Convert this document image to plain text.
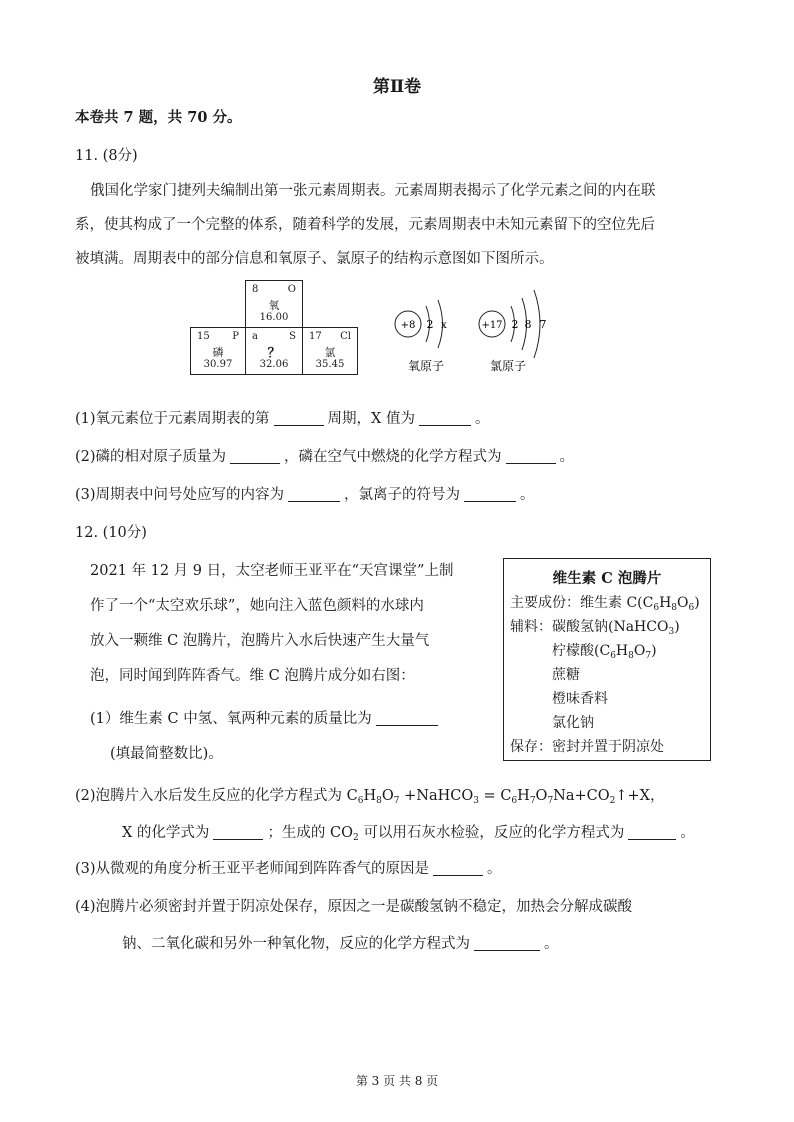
第Ⅱ卷
本卷共 7 题，共 70 分。
11. (8分)
俄国化学家门捷列夫编制出第一张元素周期表。元素周期表揭示了化学元素之间的内在联
系，使其构成了一个完整的体系，随着科学的发展，元素周期表中未知元素留下的空位先后
被填满。周期表中的部分信息和氧原子、氯原子的结构示意图如下图所示。
8	O
氧
16.00
15 P
磷
30.97
a	S
？
32.06
17 Cl
氯
35.45
+8 2 x	+17 2 8 7
氧原子	氯原子
(1)氧元素位于元素周期表的第	周期，X 值为	。
(2)磷的相对原子质量为	，磷在空气中燃烧的化学方程式为	。
(3)周期表中问号处应写的内容为	，氯离子的符号为	。
12. (10分)
2021 年 12 月 9 日，太空老师王亚平在“天宫课堂”上制
作了一个“太空欢乐球”，她向注入蓝色颜料的水球内
放入一颗维 C 泡腾片，泡腾片入水后快速产生大量气
泡，同时闻到阵阵香气。维 C 泡腾片成分如右图：
(1）维生素 C 中氢、氧两种元素的质量比为
(填最简整数比)。
维生素 C 泡腾片
主要成份：维生素 $C(C_6H_8O_6)$
辅料：碳酸氢钠(NaHCO$_3$)
柠檬酸$(C_6H_8O_7)$
蔗糖
橙味香料
氯化钠
保存：密封并置于阴凉处
(2)泡腾片入水后发生反应的化学方程式为 $C_6H_8O_7$ +NaHCO$_3$ = $C_6H_7O_7Na+CO_2↑+X$，
X 的化学式为	；生成的 $CO_2$ 可以用石灰水检验，反应的化学方程式为	。
(3)从微观的角度分析王亚平老师闻到阵阵香气的原因是	。
(4)泡腾片必须密封并置于阴凉处保存，原因之一是碳酸氢钠不稳定，加热会分解成碳酸
钠、二氧化碳和另外一种氧化物，反应的化学方程式为	。
第 3 页 共 8 页
